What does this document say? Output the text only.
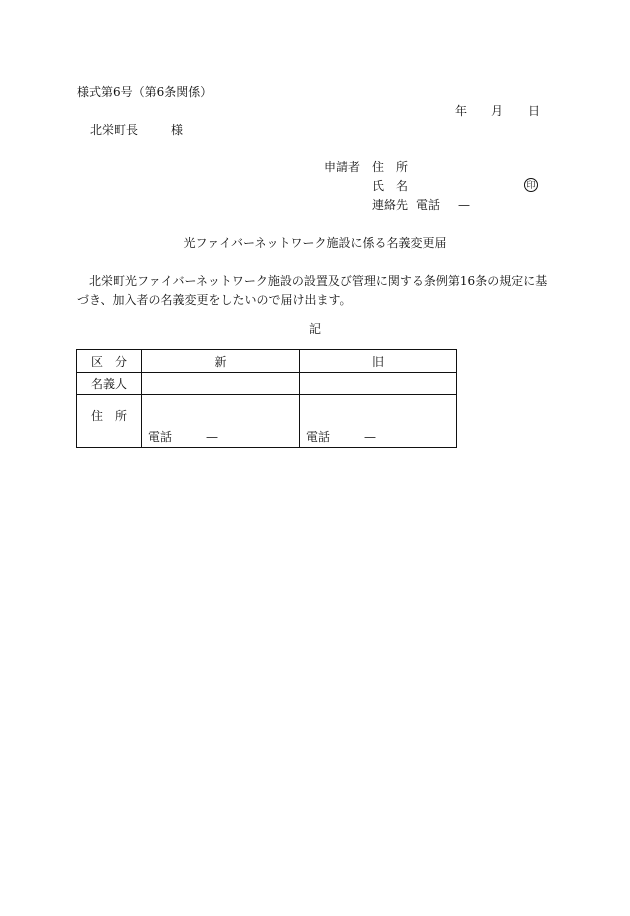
様式第6号（第6条関係）
年 月 日
北栄町長	様
申請者 住　所
氏　名
連絡先 電話 —
印
光ファイバーネットワーク施設に係る名義変更届
北栄町光ファイバーネットワーク施設の設置及び管理に関する条例第16条の規定に基づき、加入者の名義変更をしたいので届け出ます。
記
区　分	新	旧
名義人		
住　所	電話 —	電話 —
